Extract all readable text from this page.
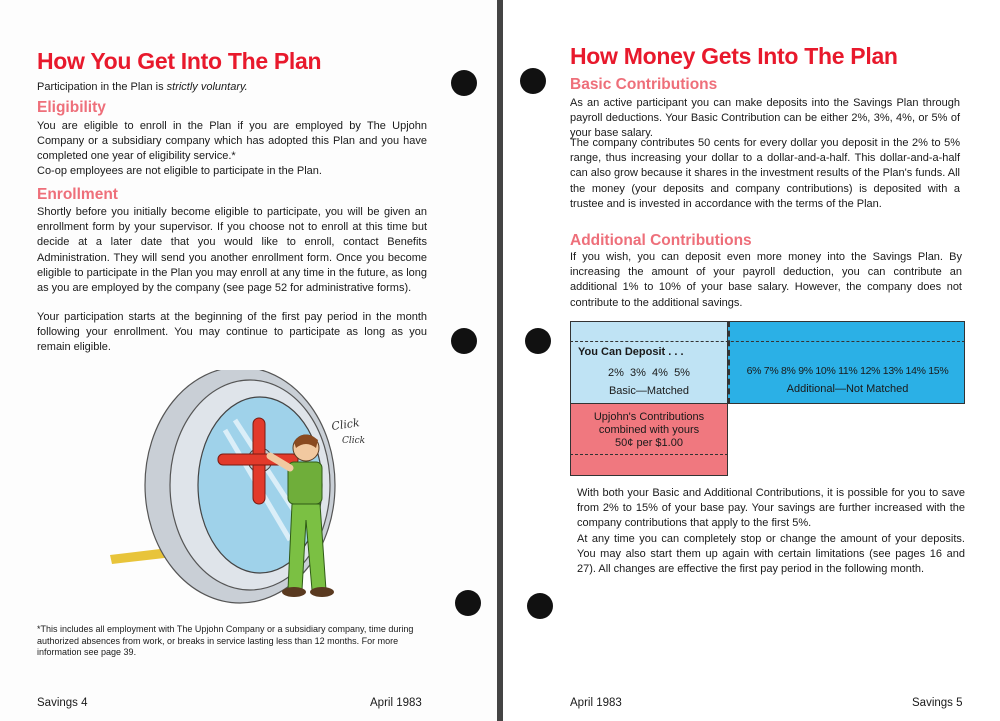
How You Get Into The Plan

Participation in the Plan is strictly voluntary.

Eligibility

You are eligible to enroll in the Plan if you are employed by The Upjohn Company or a subsidiary company which has adopted this Plan and you have completed one year of eligibility service.*

Co-op employees are not eligible to participate in the Plan.

Enrollment

Shortly before you initially become eligible to participate, you will be given an enrollment form by your supervisor. If you choose not to enroll at this time but decide at a later date that you would like to enroll, contact Benefits Administration. They will send you another enrollment form. Once you become eligible to participate in the Plan you may enroll at any time in the future, as long as you are employed by the company (see page 52 for administrative forms).

Your participation starts at the beginning of the first pay period in the month following your enrollment. You may continue to participate as long as you remain eligible.

Click
Click
*This includes all employment with The Upjohn Company or a subsidiary company, time during authorized absences from work, or breaks in service lasting less than 12 months. For more information see page 39.
Savings 4	April 1983
How Money Gets Into The Plan
Basic Contributions

As an active participant you can make deposits into the Savings Plan through payroll deductions. Your Basic Contribution can be either 2%, 3%, 4%, or 5% of your base salary.

The company contributes 50 cents for every dollar you deposit in the 2% to 5% range, thus increasing your dollar to a dollar-and-a-half. This dollar-and-a-half can also grow because it shares in the investment results of the Plan's funds. All the money (your deposits and company contributions) is deposited with a trustee and is invested in accordance with the terms of the Plan.

Additional Contributions

If you wish, you can deposit even more money into the Savings Plan. By increasing the amount of your payroll deduction, you can contribute an additional 1% to 10% of your base salary. However, the company does not contribute to the additional savings.

You Can Deposit . . .
2%  3%  4%  5%
Basic—Matched
6% 7% 8% 9% 10% 11% 12% 13% 14% 15%
Additional—Not Matched
Upjohn's Contributions
combined with yours
50¢ per $1.00

With both your Basic and Additional Contributions, it is possible for you to save from 2% to 15% of your base pay. Your savings are further increased with the company contributions that apply to the first 5%.

At any time you can completely stop or change the amount of your deposits. You may also start them up again with certain limitations (see pages 16 and 27). All changes are effective the first pay period in the following month.

April 1983	Savings 5
